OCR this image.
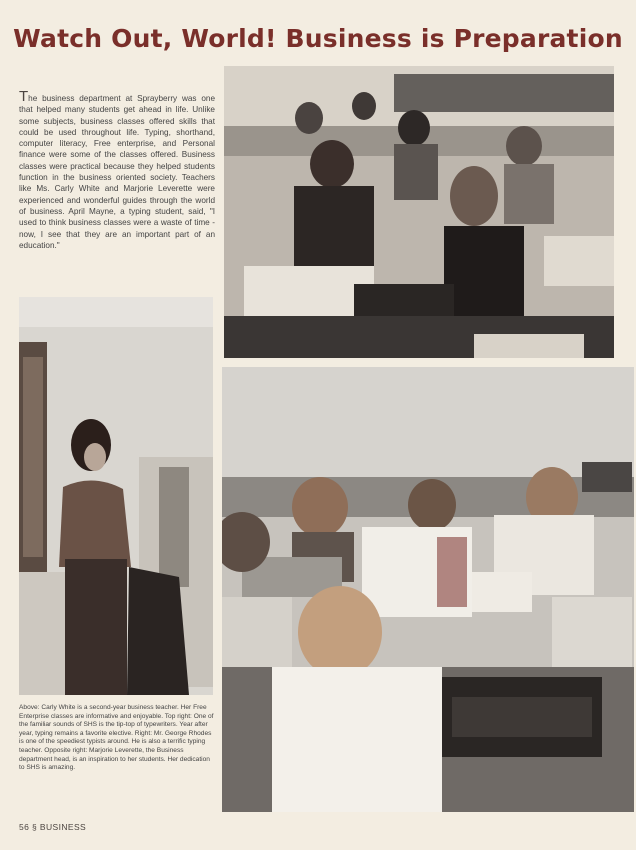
Watch Out, World! Business is Preparation

The business department at Sprayberry was one that helped many students get ahead in life. Unlike some subjects, business classes offered skills that could be used throughout life. Typing, shorthand, computer literacy, Free enterprise, and Personal finance were some of the classes offered. Business classes were practical because they helped students function in the business oriented society. Teachers like Ms. Carly White and Marjorie Leverette were experienced and wonderful guides through the world of business. April Mayne, a typing student, said, "I used to think business classes were a waste of time - now, I see that they are an important part of an education."

Above: Carly White is a second-year business teacher. Her Free Enterprise classes are informative and enjoyable. Top right: One of the familiar sounds of SHS is the tip-top of typewriters. Year after year, typing remains a favorite elective. Right: Mr. George Rhodes is one of the speediest typists around. He is also a terrific typing teacher. Opposite right: Marjorie Leverette, the Business department head, is an inspiration to her students. Her dedication to SHS is amazing.

56 § BUSINESS
